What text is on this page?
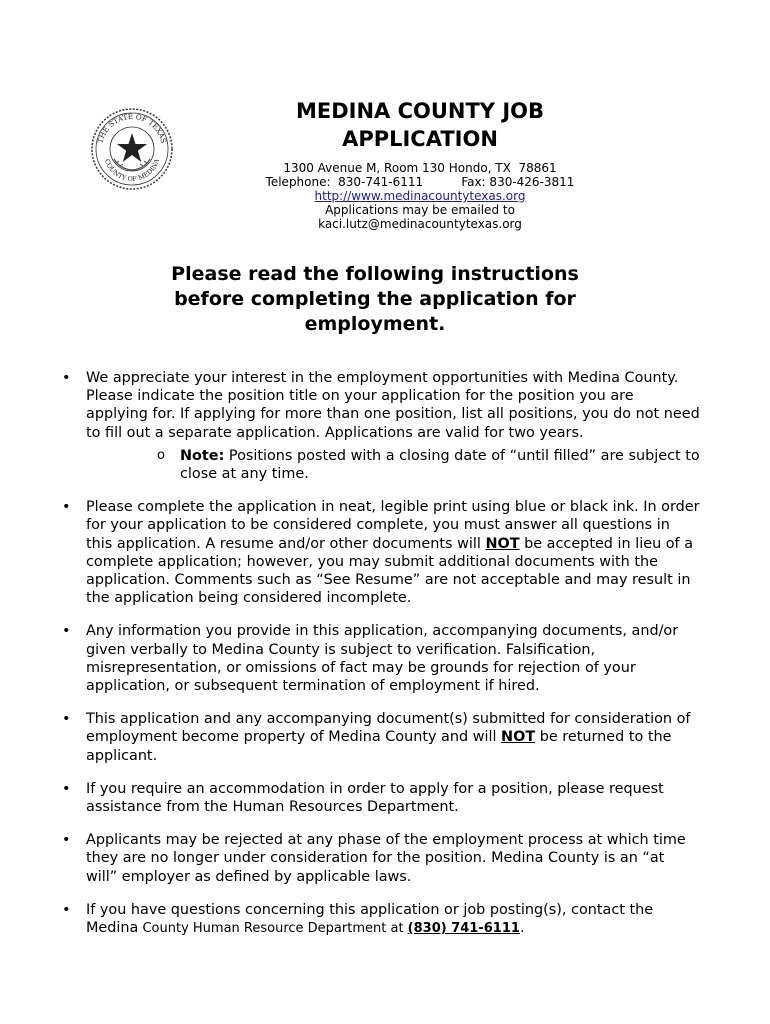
THE STATE OF TEXAS
COUNTY OF MEDINA
MEDINA COUNTY JOB
APPLICATION
1300 Avenue M, Room 130 Hondo, TX  78861
Telephone:  830-741-6111          Fax: 830-426-3811
http://www.medinacountytexas.org
Applications may be emailed to
kaci.lutz@medinacountytexas.org
Please read the following instructions before completing the application for employment.
• We appreciate your interest in the employment opportunities with Medina County. Please indicate the position title on your application for the position you are applying for. If applying for more than one position, list all positions, you do not need to fill out a separate application. Applications are valid for two years.
o Note: Positions posted with a closing date of “until filled” are subject to close at any time.
• Please complete the application in neat, legible print using blue or black ink. In order for your application to be considered complete, you must answer all questions in this application. A resume and/or other documents will NOT be accepted in lieu of a complete application; however, you may submit additional documents with the application. Comments such as “See Resume” are not acceptable and may result in the application being considered incomplete.
• Any information you provide in this application, accompanying documents, and/or given verbally to Medina County is subject to verification. Falsification, misrepresentation, or omissions of fact may be grounds for rejection of your application, or subsequent termination of employment if hired.
• This application and any accompanying document(s) submitted for consideration of employment become property of Medina County and will NOT be returned to the applicant.
• If you require an accommodation in order to apply for a position, please request assistance from the Human Resources Department.
• Applicants may be rejected at any phase of the employment process at which time they are no longer under consideration for the position. Medina County is an “at will” employer as defined by applicable laws.
• If you have questions concerning this application or job posting(s), contact the Medina County Human Resource Department at (830) 741-6111.
